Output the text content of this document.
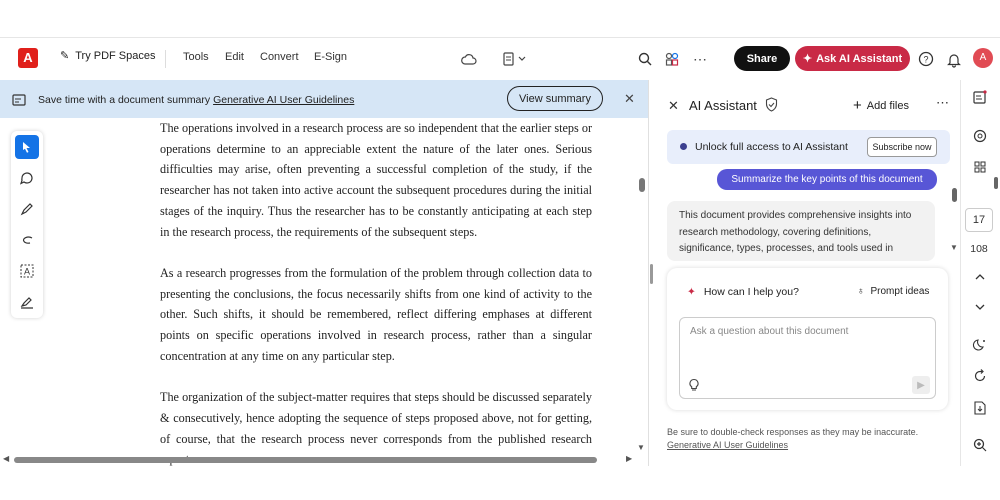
A	✎ Try PDF Spaces	Tools Edit Convert E-Sign	⋯	Share	✦ Ask AI Assistant ?	A
Save time with a document summary Generative AI User Guidelines	View summary	✕
A

The operations involved in a research process are so independent that the earlier steps or operations determine to an appreciable extent the nature of the later ones. Serious difficulties may arise, often preventing a successful completion of the study, if the researcher has not taken into active account the subsequent procedures during the initial stages of the inquiry. Thus the researcher has to be constantly anticipating at each step in the research process, the requirements of the subsequent steps.

As a research progresses from the formulation of the problem through collection data to presenting the conclusions, the focus necessarily shifts from one kind of activity to the other. Such shifts, it should be remembered, reflect differing emphases at different points on specific operations involved in research process, rather than a singular concentration at any time on any particular step.

The organization of the subject-matter requires that steps should be discussed separately & consecutively, hence adopting the sequence of steps proposed above, not for getting, of course, that the research process never corresponds from the published research

▼
◀	▶
✕ AI Assistant	+ Add files ⋯
Unlock full access to AI Assistant	Subscribe now
Summarize the key points of this document
▼
This document provides comprehensive insights into research methodology, covering definitions, significance, types, processes, and tools used in
✦ How can I help you?	♁ Prompt ideas
Ask a question about this document
▶
Be sure to double-check responses as they may be inaccurate. Generative AI User Guidelines
17
108
